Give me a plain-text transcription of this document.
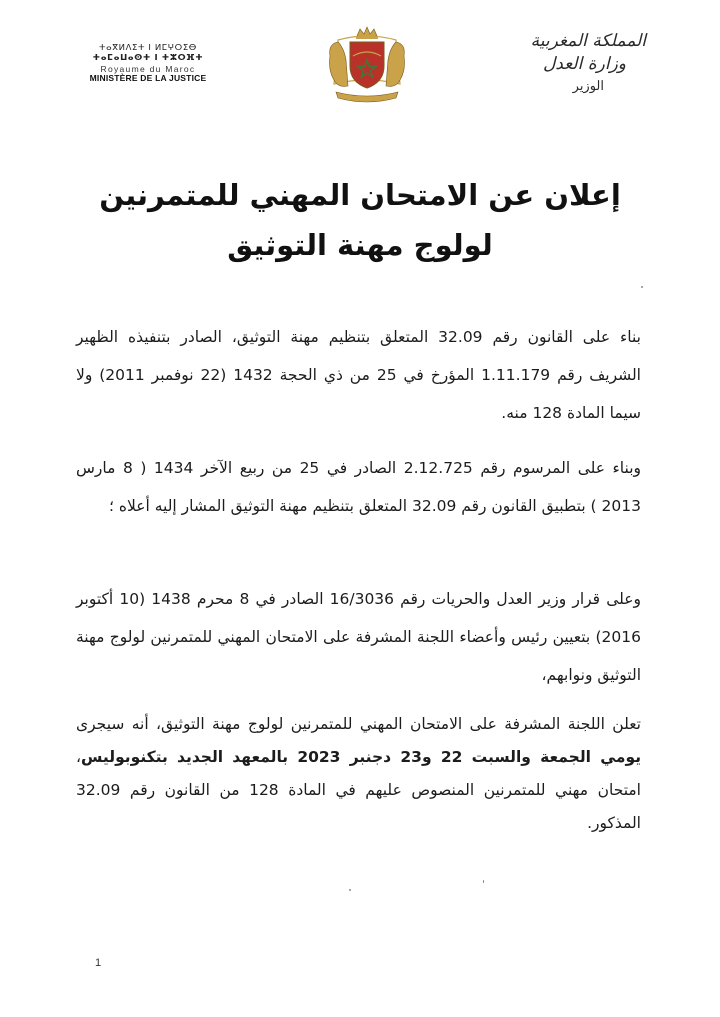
ⵜⴰⴳⵍⴷⵉⵜ ⵏ ⵍⵎⵖⵔⵉⴱ
ⵜⴰⵎⴰⵡⴰⵙⵜ ⵏ ⵜⵣⵔⴼⵜ
Royaume du Maroc
MINISTÈRE DE LA JUSTICE
المملكة المغربية
وزارة العدل
الوزير
إعلان عن الامتحان المهني للمتمرنين
لولوج مهنة التوثيق
بناء على القانون رقم 32.09 المتعلق بتنظيم مهنة التوثيق، الصادر بتنفيذه الظهير الشريف رقم 1.11.179 المؤرخ في 25 من ذي الحجة 1432 (22 نوفمبر 2011) ولا سيما المادة 128 منه.
وبناء على المرسوم رقم 2.12.725 الصادر في 25 من ربيع الآخر 1434 ( 8 مارس 2013 ) بتطبيق القانون رقم 32.09 المتعلق بتنظيم مهنة التوثيق المشار إليه أعلاه ؛
وعلى قرار وزير العدل والحريات رقم 16/3036 الصادر في 8 محرم 1438 (10 أكتوبر 2016) بتعيين رئيس وأعضاء اللجنة المشرفة على الامتحان المهني للمتمرنين لولوج مهنة التوثيق ونوابهم،
تعلن اللجنة المشرفة على الامتحان المهني للمتمرنين لولوج مهنة التوثيق، أنه سيجرى يومي الجمعة والسبت 22 و23 دجنبر 2023 بالمعهد الجديد بتكنوبوليس، امتحان مهني للمتمرنين المنصوص عليهم في المادة 128 من القانون رقم 32.09 المذكور.
1
